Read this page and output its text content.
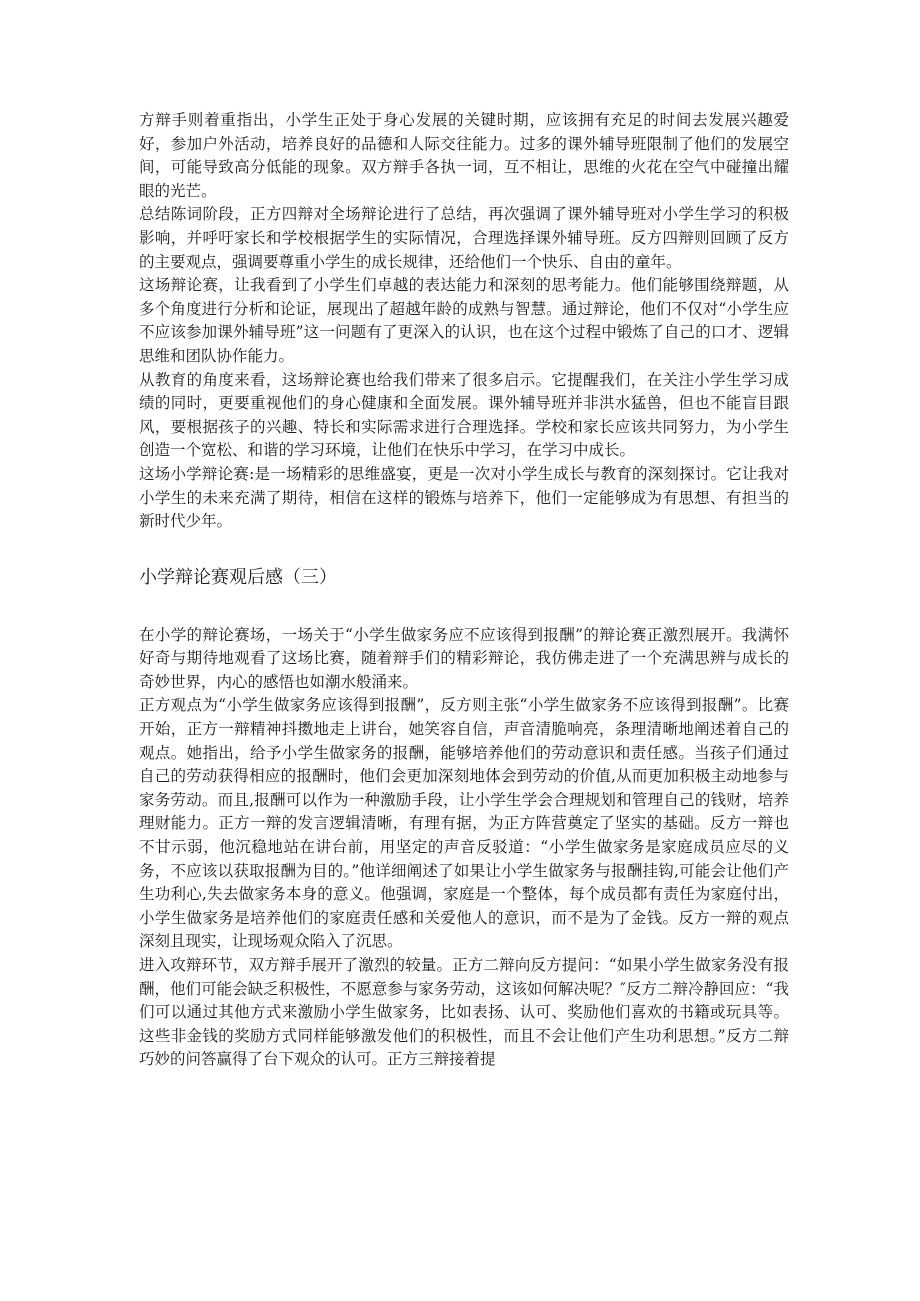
方辩手则着重指出，小学生正处于身心发展的关键时期，应该拥有充足的时间去发展兴趣爱好，参加户外活动，培养良好的品德和人际交往能力。过多的课外辅导班限制了他们的发展空间，可能导致高分低能的现象。双方辩手各执一词，互不相让，思维的火花在空气中碰撞出耀眼的光芒。

总结陈词阶段，正方四辩对全场辩论进行了总结，再次强调了课外辅导班对小学生学习的积极影响，并呼吁家长和学校根据学生的实际情况，合理选择课外辅导班。反方四辩则回顾了反方的主要观点，强调要尊重小学生的成长规律，还给他们一个快乐、自由的童年。

这场辩论赛，让我看到了小学生们卓越的表达能力和深刻的思考能力。他们能够围绕辩题，从多个角度进行分析和论证，展现出了超越年龄的成熟与智慧。通过辩论，他们不仅对“小学生应不应该参加课外辅导班”这一问题有了更深入的认识，也在这个过程中锻炼了自己的口才、逻辑思维和团队协作能力。

从教育的角度来看，这场辩论赛也给我们带来了很多启示。它提醒我们，在关注小学生学习成绩的同时，更要重视他们的身心健康和全面发展。课外辅导班并非洪水猛兽，但也不能盲目跟风，要根据孩子的兴趣、特长和实际需求进行合理选择。学校和家长应该共同努力，为小学生创造一个宽松、和谐的学习环境，让他们在快乐中学习，在学习中成长。

这场小学辩论赛:是一场精彩的思维盛宴，更是一次对小学生成长与教育的深刻探讨。它让我对小学生的未来充满了期待，相信在这样的锻炼与培养下，他们一定能够成为有思想、有担当的新时代少年。

小学辩论赛观后感（三）

在小学的辩论赛场，一场关于“小学生做家务应不应该得到报酬”的辩论赛正激烈展开。我满怀好奇与期待地观看了这场比赛，随着辩手们的精彩辩论，我仿佛走进了一个充满思辨与成长的奇妙世界，内心的感悟也如潮水般涌来。

正方观点为“小学生做家务应该得到报酬”，反方则主张“小学生做家务不应该得到报酬”。比赛开始，正方一辩精神抖擞地走上讲台，她笑容自信，声音清脆响亮，条理清晰地阐述着自己的观点。她指出，给予小学生做家务的报酬，能够培养他们的劳动意识和责任感。当孩子们通过自己的劳动获得相应的报酬时，他们会更加深刻地体会到劳动的价值,从而更加积极主动地参与家务劳动。而且,报酬可以作为一种激励手段，让小学生学会合理规划和管理自己的钱财，培养理财能力。正方一辩的发言逻辑清晰，有理有据，为正方阵营奠定了坚实的基础。反方一辩也不甘示弱，他沉稳地站在讲台前，用坚定的声音反驳道：“小学生做家务是家庭成员应尽的义务，不应该以获取报酬为目的。”他详细阐述了如果让小学生做家务与报酬挂钩,可能会让他们产生功利心,失去做家务本身的意义。他强调，家庭是一个整体，每个成员都有责任为家庭付出，小学生做家务是培养他们的家庭责任感和关爱他人的意识，而不是为了金钱。反方一辩的观点深刻且现实，让现场观众陷入了沉思。

进入攻辩环节，双方辩手展开了激烈的较量。正方二辩向反方提问：“如果小学生做家务没有报酬，他们可能会缺乏积极性，不愿意参与家务劳动，这该如何解决呢？″反方二辩冷静回应：“我们可以通过其他方式来激励小学生做家务，比如表扬、认可、奖励他们喜欢的书籍或玩具等。这些非金钱的奖励方式同样能够激发他们的积极性，而且不会让他们产生功利思想。”反方二辩巧妙的问答赢得了台下观众的认可。正方三辩接着提
